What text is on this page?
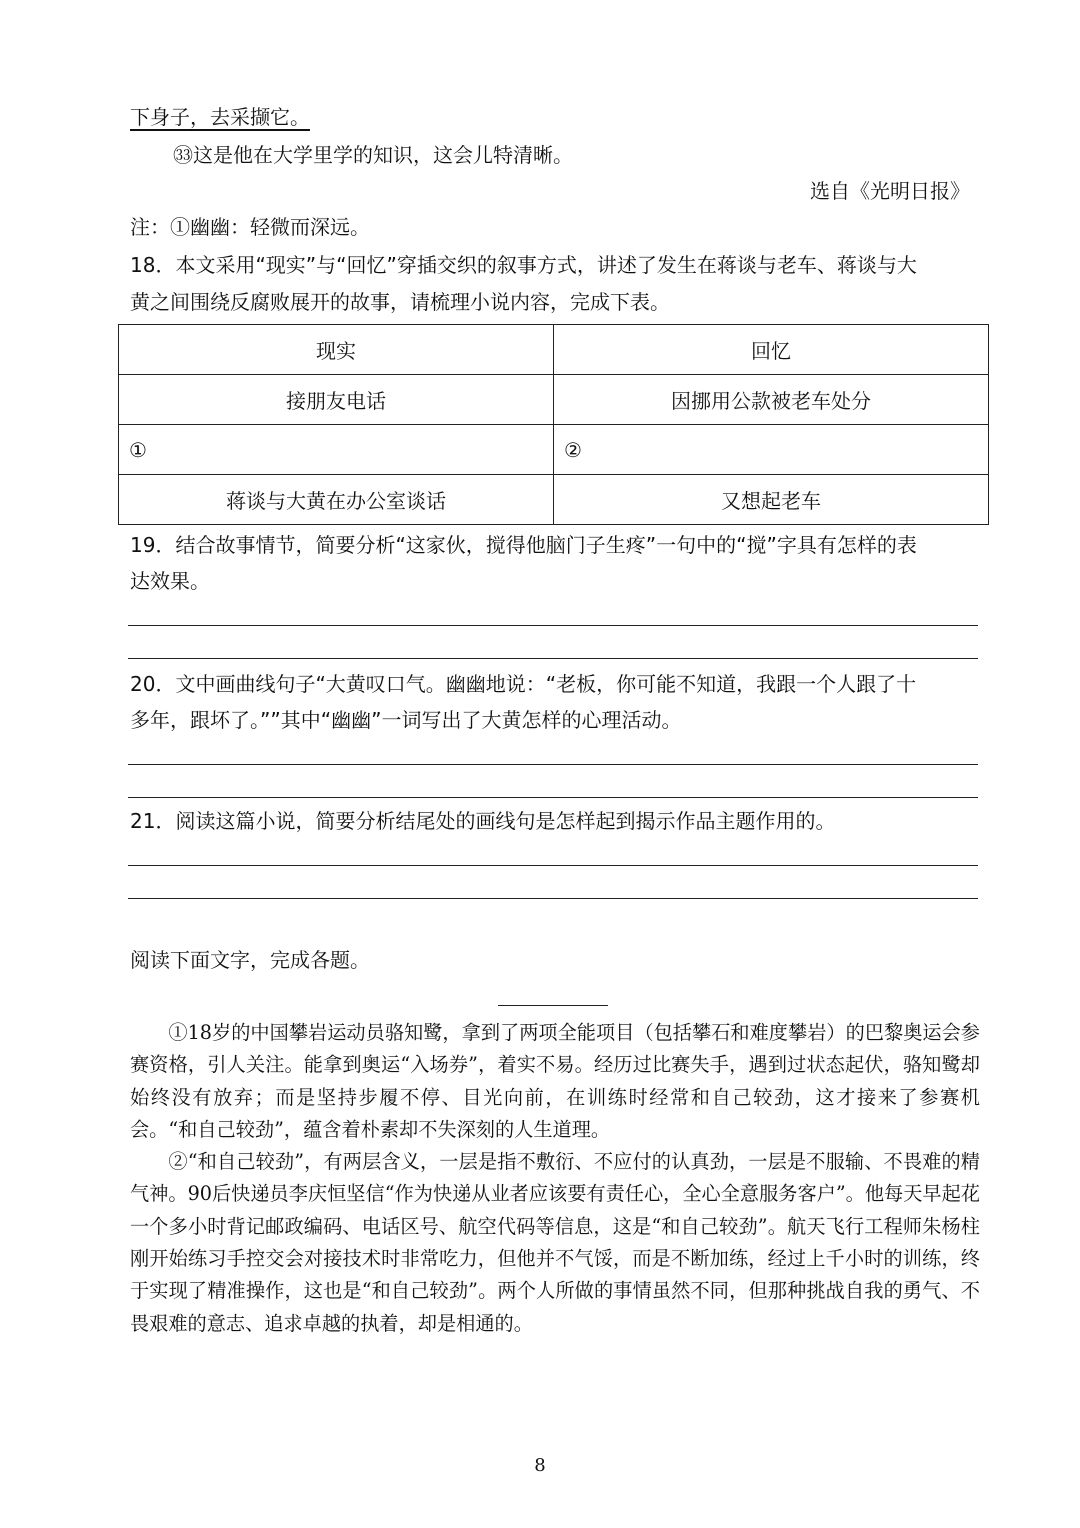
下身子，去采撷它。
㉝这是他在大学里学的知识，这会儿特清晰。
选自《光明日报》
注：①幽幽：轻微而深远。
18．本文采用“现实”与“回忆”穿插交织的叙事方式，讲述了发生在蒋谈与老车、蒋谈与大
黄之间围绕反腐败展开的故事，请梳理小说内容，完成下表。
现实	回忆
接朋友电话	因挪用公款被老车处分
①	②
蒋谈与大黄在办公室谈话	又想起老车
19．结合故事情节，简要分析“这家伙，搅得他脑门子生疼”一句中的“搅”字具有怎样的表
达效果。
20．文中画曲线句子“大黄叹口气。幽幽地说：“老板，你可能不知道，我跟一个人跟了十
多年，跟坏了。””其中“幽幽”一词写出了大黄怎样的心理活动。
21．阅读这篇小说，简要分析结尾处的画线句是怎样起到揭示作品主题作用的。
阅读下面文字，完成各题。

①18岁的中国攀岩运动员骆知鹭，拿到了两项全能项目（包括攀石和难度攀岩）的巴黎奥运会参赛资格，引人关注。能拿到奥运“入场券”，着实不易。经历过比赛失手，遇到过状态起伏，骆知鹭却始终没有放弃；而是坚持步履不停、目光向前，在训练时经常和自己较劲，这才接来了参赛机会。“和自己较劲”，蕴含着朴素却不失深刻的人生道理。

②“和自己较劲”，有两层含义，一层是指不敷衍、不应付的认真劲，一层是不服输、不畏难的精气神。90后快递员李庆恒坚信“作为快递从业者应该要有责任心，全心全意服务客户”。他每天早起花一个多小时背记邮政编码、电话区号、航空代码等信息，这是“和自己较劲”。航天飞行工程师朱杨柱刚开始练习手控交会对接技术时非常吃力，但他并不气馁，而是不断加练，经过上千小时的训练，终于实现了精准操作，这也是“和自己较劲”。两个人所做的事情虽然不同，但那种挑战自我的勇气、不畏艰难的意志、追求卓越的执着，却是相通的。

8
